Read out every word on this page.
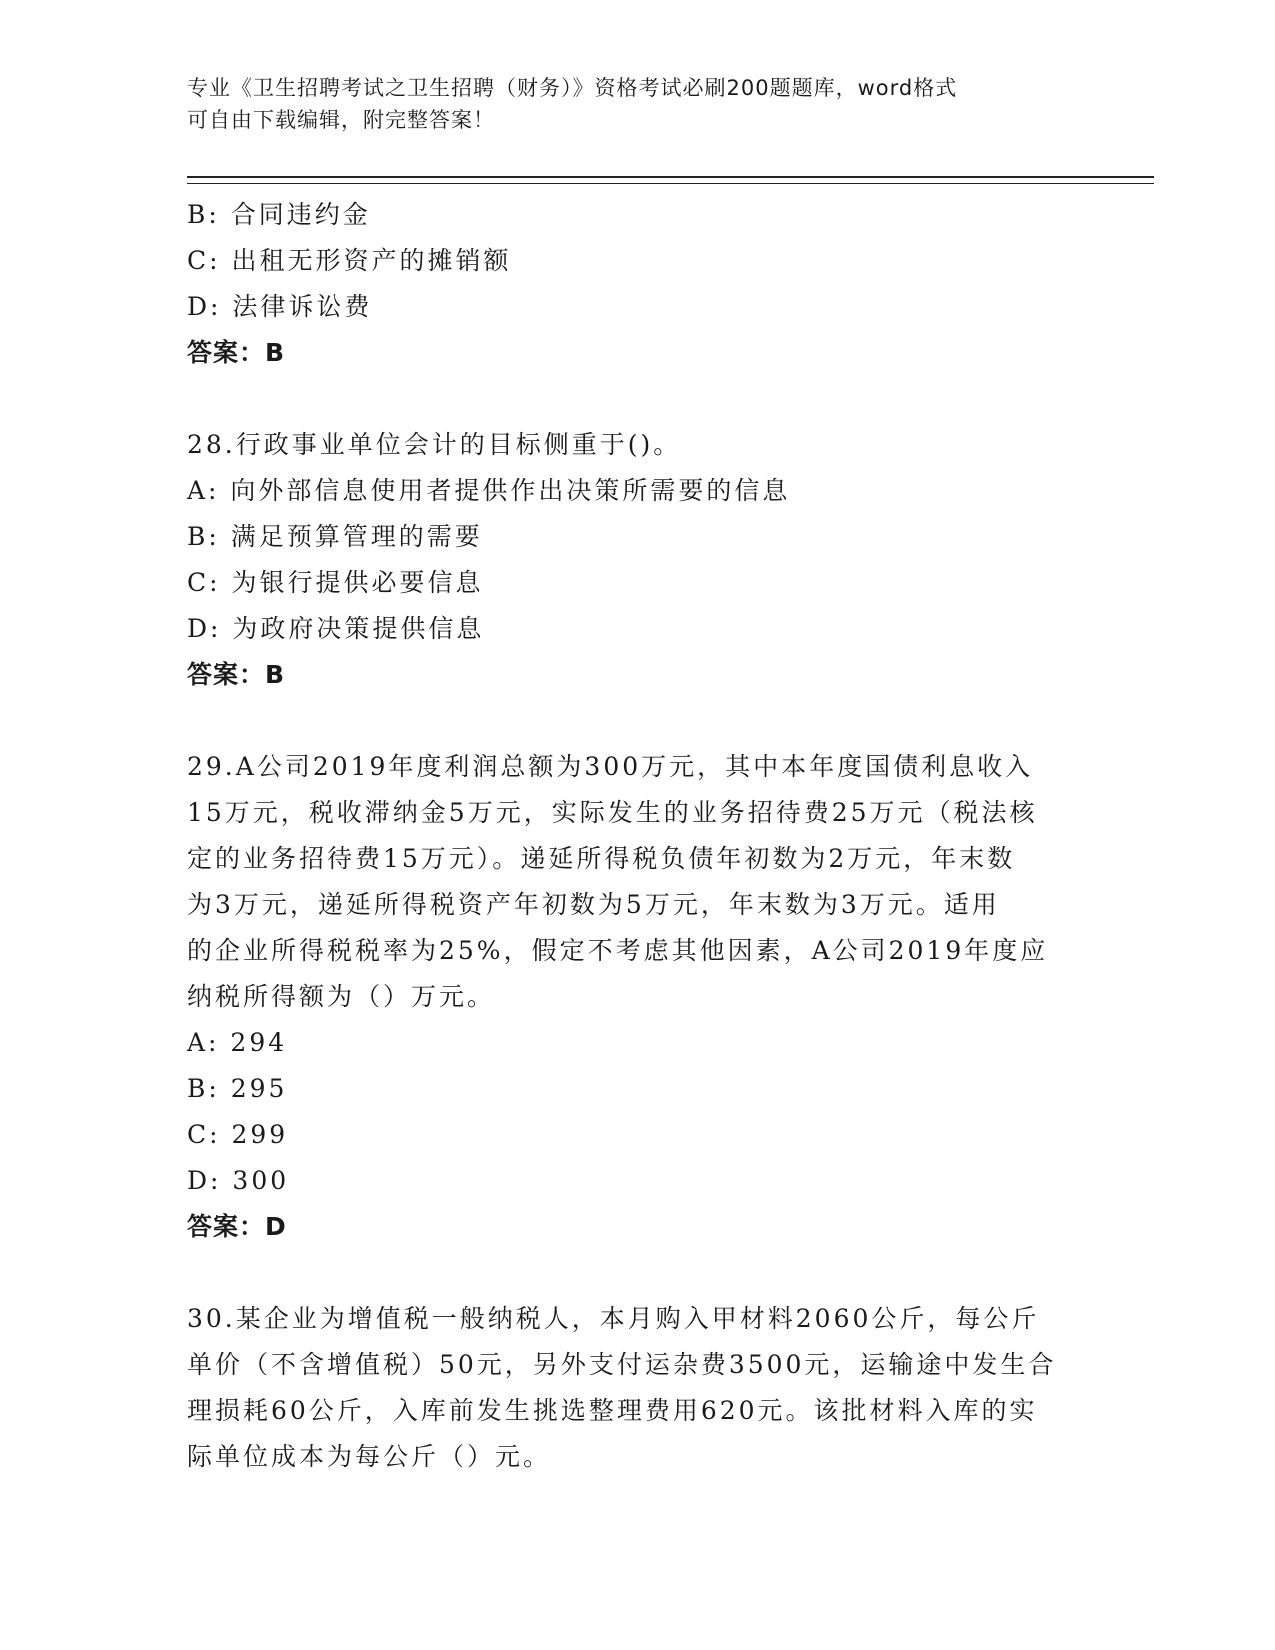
专业《卫生招聘考试之卫生招聘（财务）》资格考试必刷200题题库，word格式
可自由下载编辑，附完整答案！
B: 合同违约金
C: 出租无形资产的摊销额
D: 法律诉讼费
答案：B
28.行政事业单位会计的目标侧重于()。
A: 向外部信息使用者提供作出决策所需要的信息
B: 满足预算管理的需要
C: 为银行提供必要信息
D: 为政府决策提供信息
答案：B
29.A公司2019年度利润总额为300万元，其中本年度国债利息收入
15万元，税收滞纳金5万元，实际发生的业务招待费25万元（税法核
定的业务招待费15万元）。递延所得税负债年初数为2万元，年末数
为3万元，递延所得税资产年初数为5万元，年末数为3万元。适用
的企业所得税税率为25%，假定不考虑其他因素，A公司2019年度应
纳税所得额为（）万元。
A: 294
B: 295
C: 299
D: 300
答案：D
30.某企业为增值税一般纳税人，本月购入甲材料2060公斤，每公斤
单价（不含增值税）50元，另外支付运杂费3500元，运输途中发生合
理损耗60公斤，入库前发生挑选整理费用620元。该批材料入库的实
际单位成本为每公斤（）元。
